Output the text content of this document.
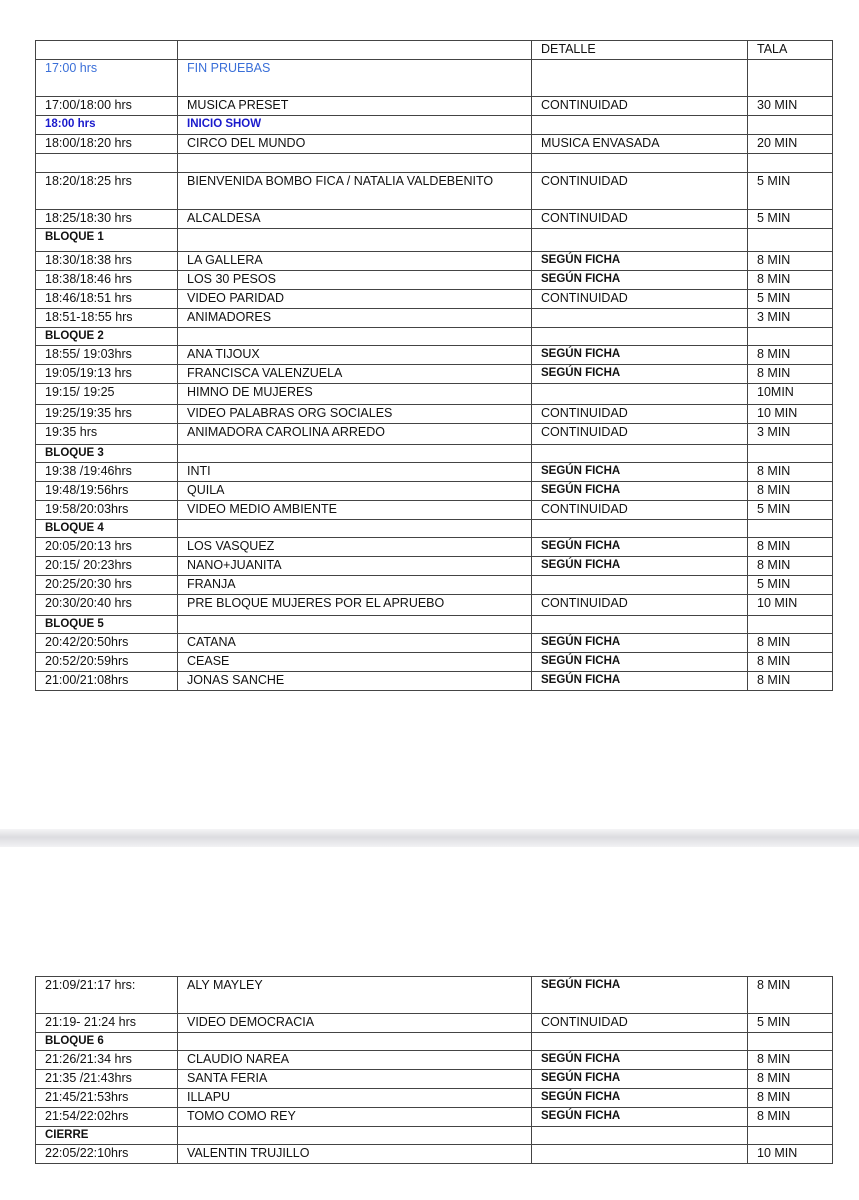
		DETALLE	TALA
17:00 hrs	FIN PRUEBAS		
17:00/18:00 hrs	MUSICA PRESET	CONTINUIDAD	30 MIN
18:00 hrs	INICIO SHOW		
18:00/18:20 hrs	CIRCO DEL MUNDO	MUSICA ENVASADA	20 MIN

18:20/18:25 hrs	BIENVENIDA BOMBO FICA / NATALIA VALDEBENITO	CONTINUIDAD	5 MIN
18:25/18:30 hrs	ALCALDESA	CONTINUIDAD	5 MIN
BLOQUE 1			
18:30/18:38 hrs	LA GALLERA	SEGÚN FICHA	8 MIN
18:38/18:46 hrs	LOS 30 PESOS	SEGÚN FICHA	8 MIN
18:46/18:51 hrs	VIDEO PARIDAD	CONTINUIDAD	5 MIN
18:51-18:55 hrs	ANIMADORES		3 MIN
BLOQUE 2			
18:55/ 19:03hrs	ANA TIJOUX	SEGÚN FICHA	8 MIN
19:05/19:13 hrs	FRANCISCA VALENZUELA	SEGÚN FICHA	8 MIN
19:15/ 19:25	HIMNO DE MUJERES		10MIN
19:25/19:35 hrs	VIDEO PALABRAS ORG SOCIALES	CONTINUIDAD	10 MIN
19:35 hrs	ANIMADORA CAROLINA ARREDO	CONTINUIDAD	3 MIN
BLOQUE 3			
19:38 /19:46hrs	INTI	SEGÚN FICHA	8 MIN
19:48/19:56hrs	QUILA	SEGÚN FICHA	8 MIN
19:58/20:03hrs	VIDEO MEDIO AMBIENTE	CONTINUIDAD	5 MIN
BLOQUE 4			
20:05/20:13 hrs	LOS VASQUEZ	SEGÚN FICHA	8 MIN
20:15/ 20:23hrs	NANO+JUANITA	SEGÚN FICHA	8 MIN
20:25/20:30 hrs	FRANJA		5 MIN
20:30/20:40 hrs	PRE BLOQUE MUJERES POR EL APRUEBO	CONTINUIDAD	10 MIN
BLOQUE 5			
20:42/20:50hrs	CATANA	SEGÚN FICHA	8 MIN
20:52/20:59hrs	CEASE	SEGÚN FICHA	8 MIN
21:00/21:08hrs	JONAS SANCHE	SEGÚN FICHA	8 MIN
21:09/21:17 hrs:	ALY MAYLEY	SEGÚN FICHA	8 MIN
21:19- 21:24 hrs	VIDEO DEMOCRACIA	CONTINUIDAD	5 MIN
BLOQUE 6			
21:26/21:34 hrs	CLAUDIO NAREA	SEGÚN FICHA	8 MIN
21:35 /21:43hrs	SANTA FERIA	SEGÚN FICHA	8 MIN
21:45/21:53hrs	ILLAPU	SEGÚN FICHA	8 MIN
21:54/22:02hrs	TOMO COMO REY	SEGÚN FICHA	8 MIN
CIERRE			
22:05/22:10hrs	VALENTIN TRUJILLO		10 MIN
